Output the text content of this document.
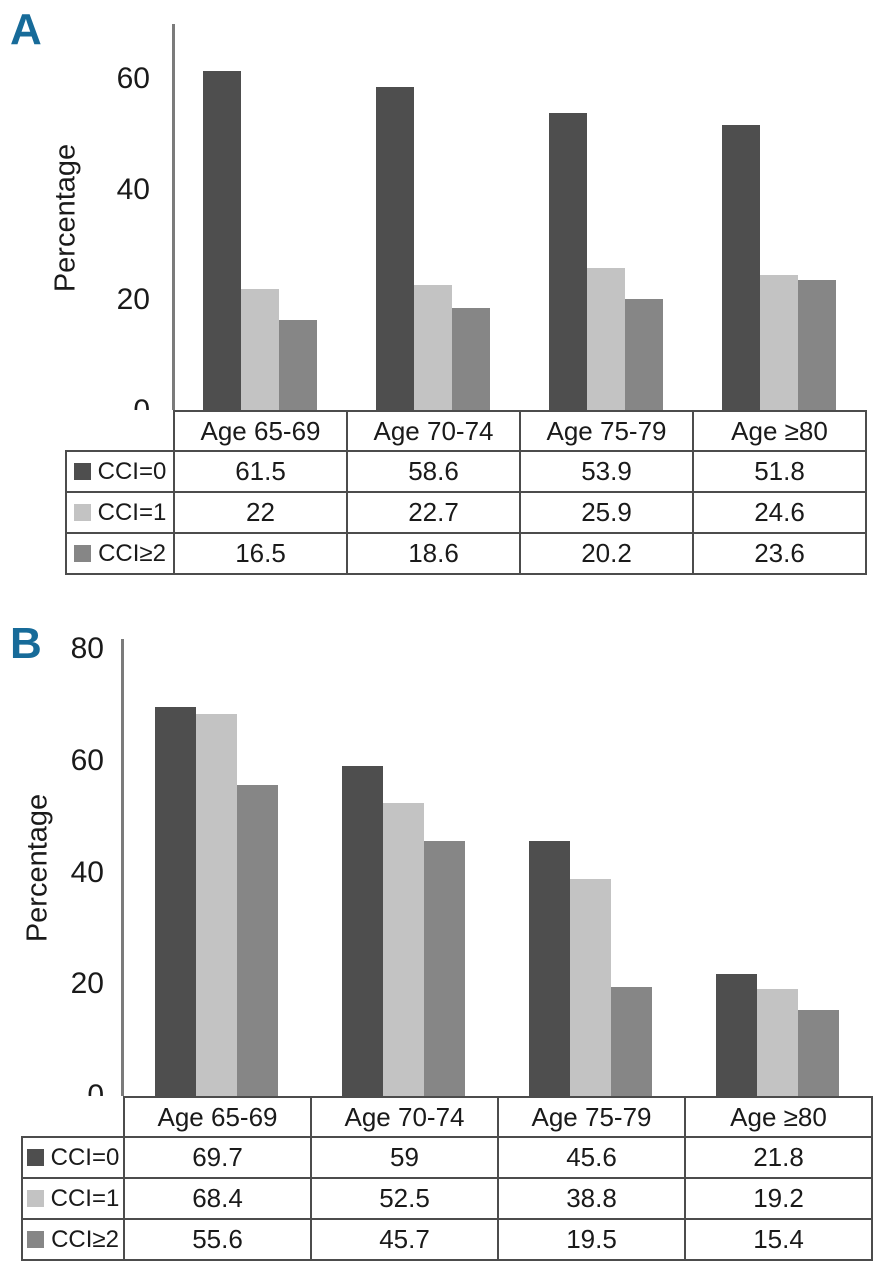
A
Percentage
B
Percentage
20
40
60
	Age 65-69	Age 70-74	Age 75-79	Age ≥80

CCI=0	61.5	58.6	53.9	51.8

CCI=1	22	22.7	25.9	24.6

CCI≥2	16.5	18.6	20.2	23.6
20
40
60
80
	Age 65-69	Age 70-74	Age 75-79	Age ≥80

CCI=0	69.7	59	45.6	21.8

CCI=1	68.4	52.5	38.8	19.2

CCI≥2	55.6	45.7	19.5	15.4
